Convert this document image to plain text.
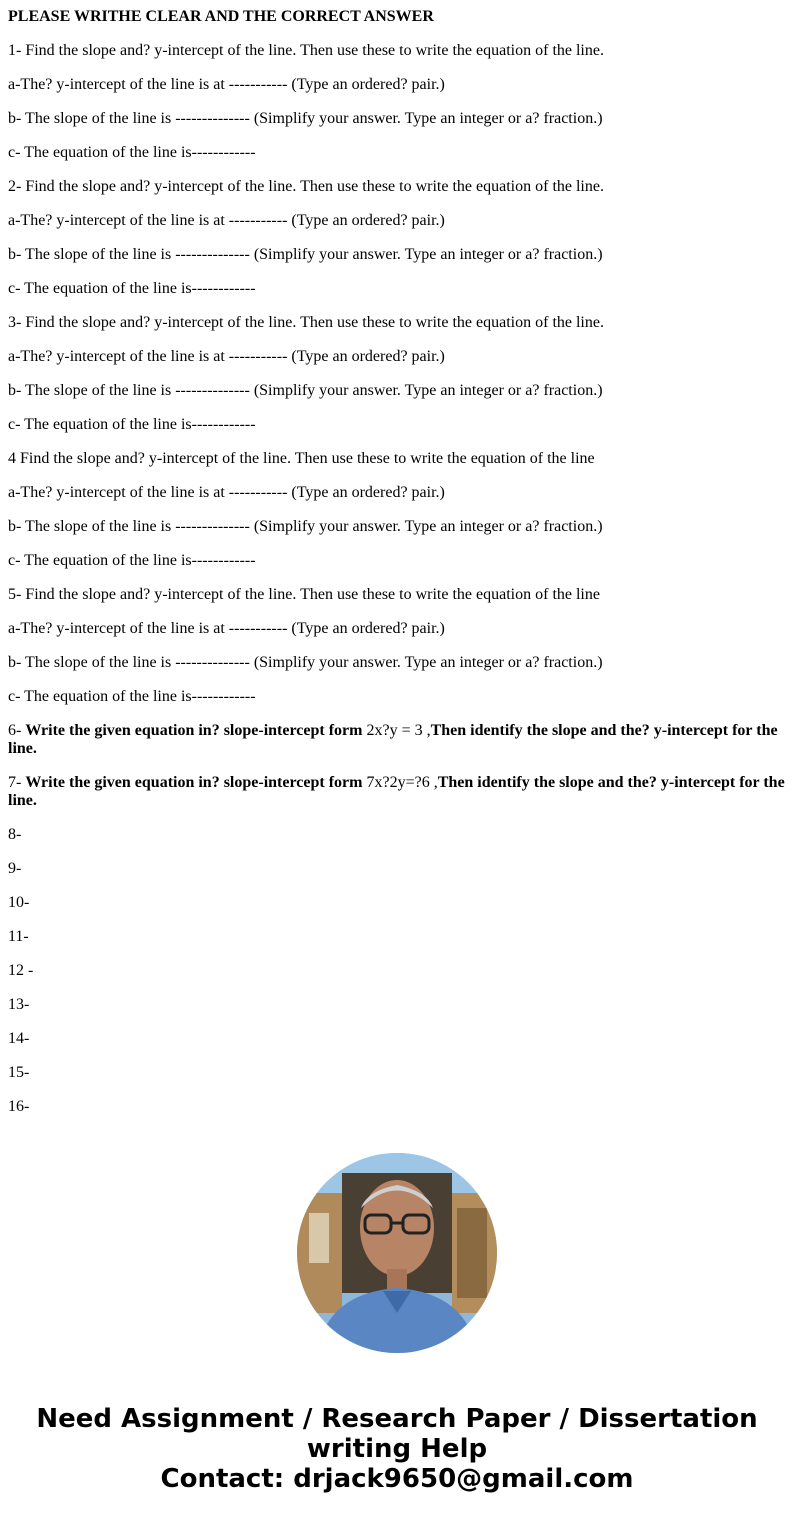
PLEASE WRITHE CLEAR AND THE CORRECT ANSWER

1- Find the slope and? y-intercept of the line. Then use these to write the equation of the line.

a-The? y-intercept of the line is at ----------- (Type an ordered? pair.)

b- The slope of the line is -------------- (Simplify your answer. Type an integer or a? fraction.)

c- The equation of the line is------------

2- Find the slope and? y-intercept of the line. Then use these to write the equation of the line.

a-The? y-intercept of the line is at ----------- (Type an ordered? pair.)

b- The slope of the line is -------------- (Simplify your answer. Type an integer or a? fraction.)

c- The equation of the line is------------

3- Find the slope and? y-intercept of the line. Then use these to write the equation of the line.

a-The? y-intercept of the line is at ----------- (Type an ordered? pair.)

b- The slope of the line is -------------- (Simplify your answer. Type an integer or a? fraction.)

c- The equation of the line is------------

4 Find the slope and? y-intercept of the line. Then use these to write the equation of the line

a-The? y-intercept of the line is at ----------- (Type an ordered? pair.)

b- The slope of the line is -------------- (Simplify your answer. Type an integer or a? fraction.)

c- The equation of the line is------------

5- Find the slope and? y-intercept of the line. Then use these to write the equation of the line

a-The? y-intercept of the line is at ----------- (Type an ordered? pair.)

b- The slope of the line is -------------- (Simplify your answer. Type an integer or a? fraction.)

c- The equation of the line is------------

6- Write the given equation in? slope-intercept form 2x?y = 3 ,Then identify the slope and the? y-intercept for the line.

7- Write the given equation in? slope-intercept form 7x?2y=?6 ,Then identify the slope and the? y-intercept for the line.

8-

9-

10-

11-

12 -

13-

14-

15-

16-

Need Assignment / Research Paper / Dissertation
writing Help
Contact: drjack9650@gmail.com
